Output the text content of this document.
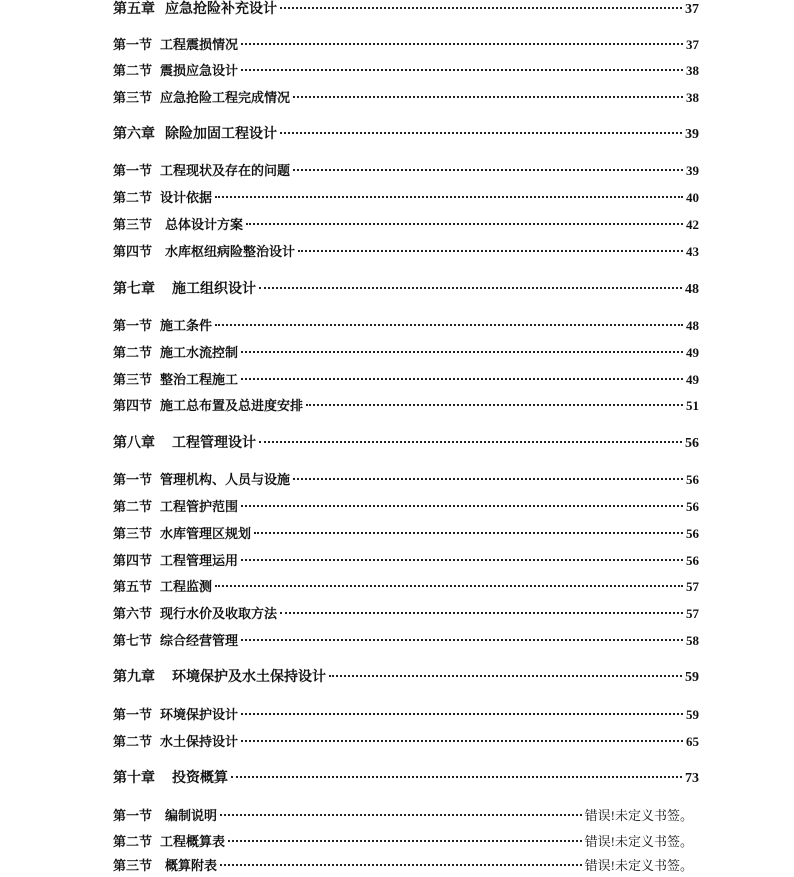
第五章 应急抢险补充设计	37
第一节 工程震损情况	37
第二节 震损应急设计	38
第三节 应急抢险工程完成情况	38
第六章 除险加固工程设计	39
第一节 工程现状及存在的问题	39
第二节 设计依据	40
第三节	总体设计方案	42
第四节	水库枢纽病险整治设计	43
第七章	施工组织设计	48
第一节 施工条件	48
第二节 施工水流控制	49
第三节 整治工程施工	49
第四节 施工总布置及总进度安排	51
第八章	工程管理设计	56
第一节 管理机构、人员与设施	56
第二节 工程管护范围	56
第三节 水库管理区规划	56
第四节 工程管理运用	56
第五节 工程监测	57
第六节 现行水价及收取方法	57
第七节 综合经营管理	58
第九章	环境保护及水土保持设计	59
第一节 环境保护设计	59
第二节 水土保持设计	65
第十章	投资概算	73
第一节	编制说明	错误!未定义书签。
第二节 工程概算表	错误!未定义书签。
第三节	概算附表	错误!未定义书签。
